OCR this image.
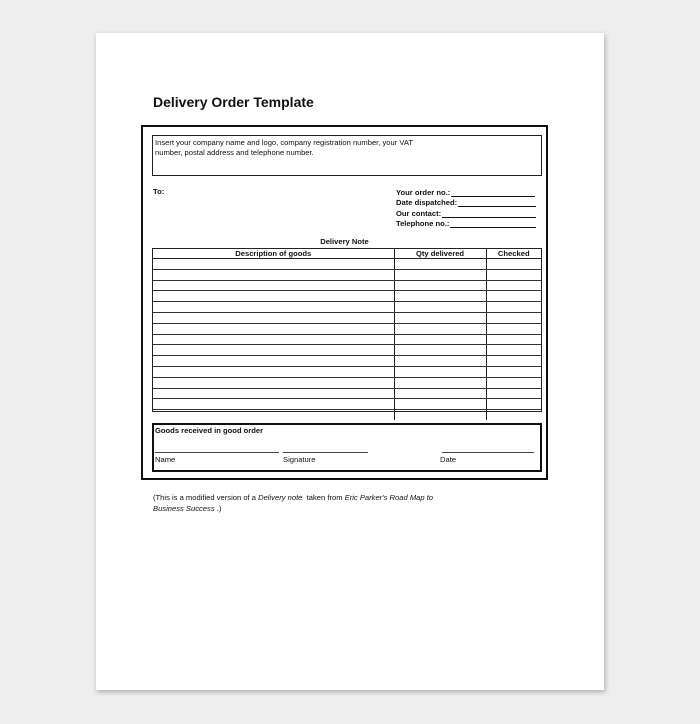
Delivery Order Template
Insert your company name and logo, company registration number, your VAT
number, postal address and telephone number.
To:	Your order no.:
Date dispatched:
Our contact:
Telephone no.:
Delivery Note
Description of goods	Qty delivered	Checked

Goods received in good order
Name	Signature	Date
(This is a modified version of a Delivery note  taken from Eric Parker's Road Map to
Business Success .)
